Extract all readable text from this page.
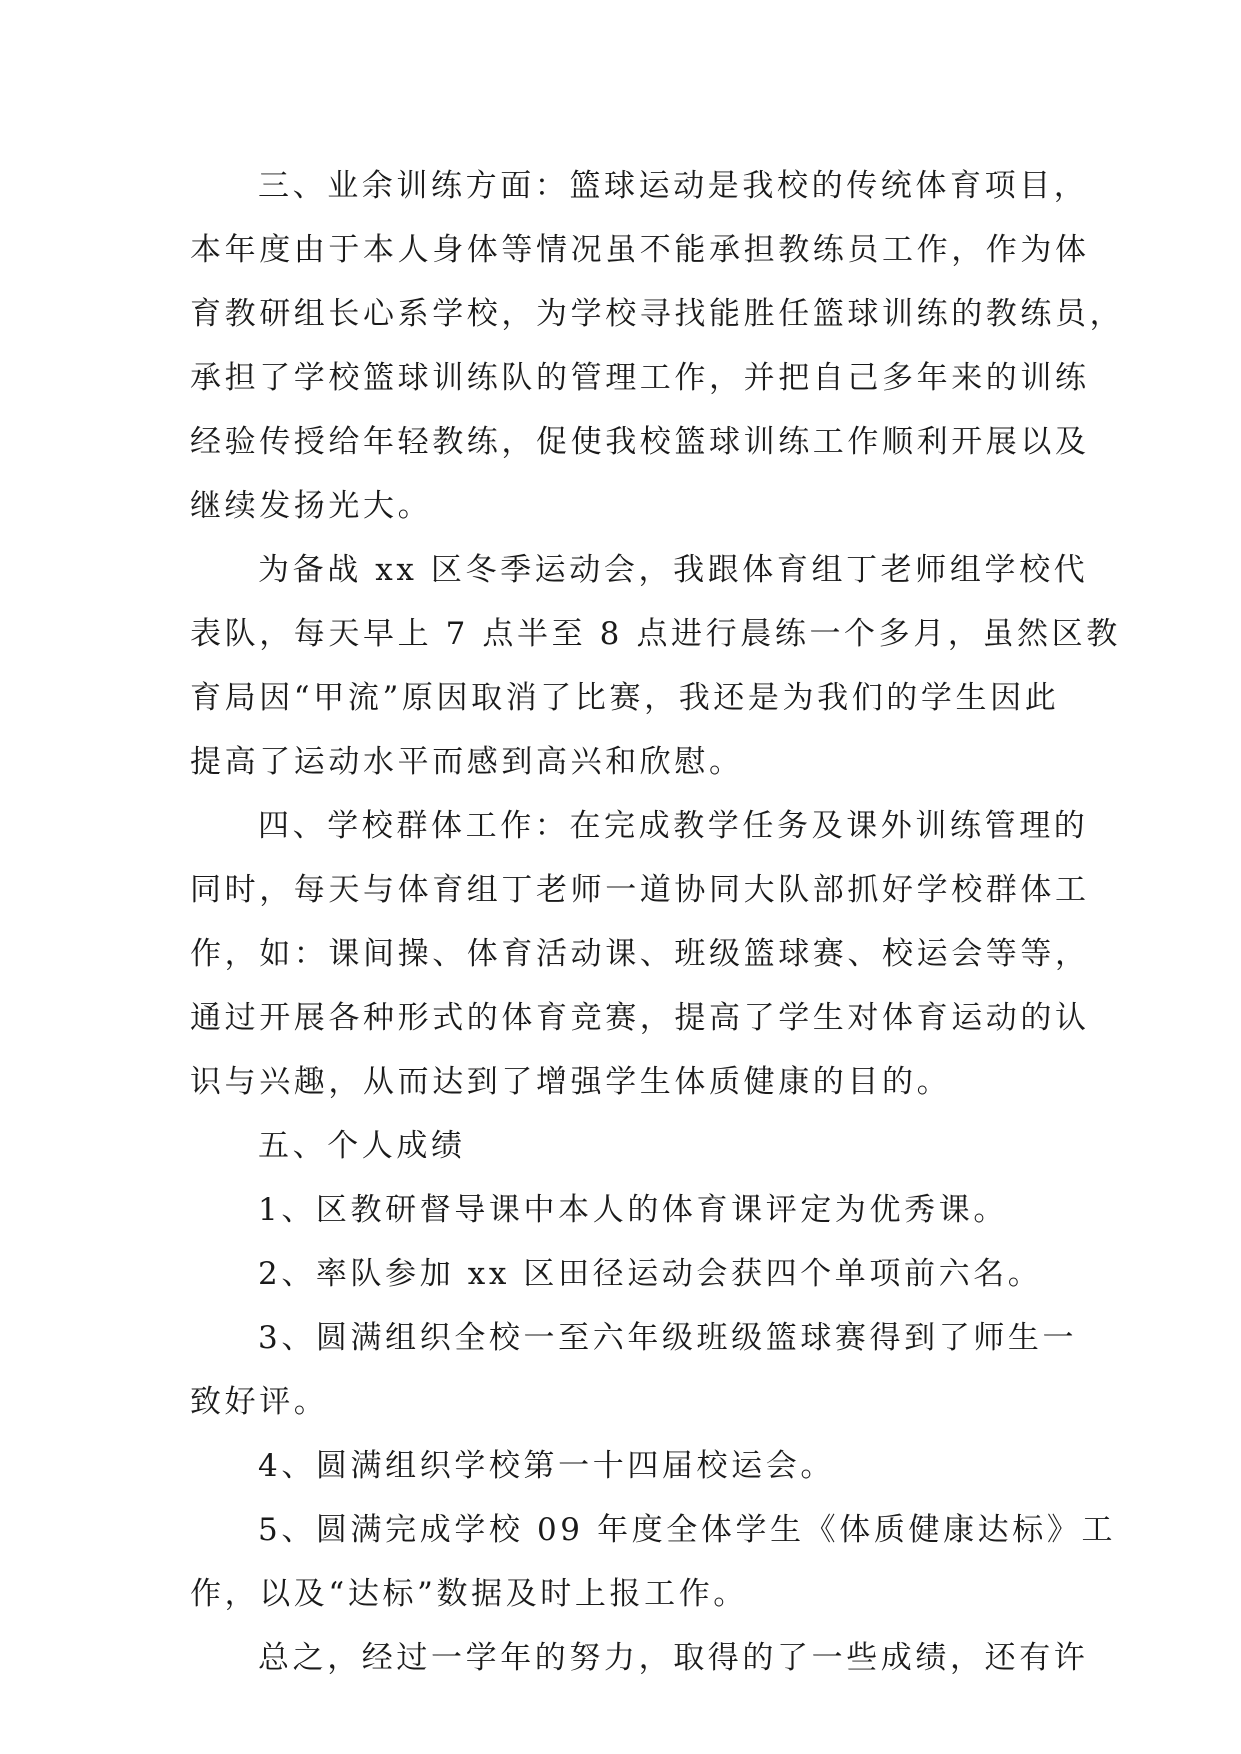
三、业余训练方面：篮球运动是我校的传统体育项目，
本年度由于本人身体等情况虽不能承担教练员工作，作为体
育教研组长心系学校，为学校寻找能胜任篮球训练的教练员，
承担了学校篮球训练队的管理工作，并把自己多年来的训练
经验传授给年轻教练，促使我校篮球训练工作顺利开展以及
继续发扬光大。
为备战 xx 区冬季运动会，我跟体育组丁老师组学校代
表队，每天早上 7 点半至 8 点进行晨练一个多月，虽然区教
育局因“甲流”原因取消了比赛，我还是为我们的学生因此
提高了运动水平而感到高兴和欣慰。
四、学校群体工作：在完成教学任务及课外训练管理的
同时，每天与体育组丁老师一道协同大队部抓好学校群体工
作，如：课间操、体育活动课、班级篮球赛、校运会等等，
通过开展各种形式的体育竞赛，提高了学生对体育运动的认
识与兴趣，从而达到了增强学生体质健康的目的。
五、个人成绩
1、区教研督导课中本人的体育课评定为优秀课。
2、率队参加 xx 区田径运动会获四个单项前六名。
3、圆满组织全校一至六年级班级篮球赛得到了师生一
致好评。
4、圆满组织学校第一十四届校运会。
5、圆满完成学校 09 年度全体学生《体质健康达标》工
作，以及“达标”数据及时上报工作。
总之，经过一学年的努力，取得的了一些成绩，还有许
